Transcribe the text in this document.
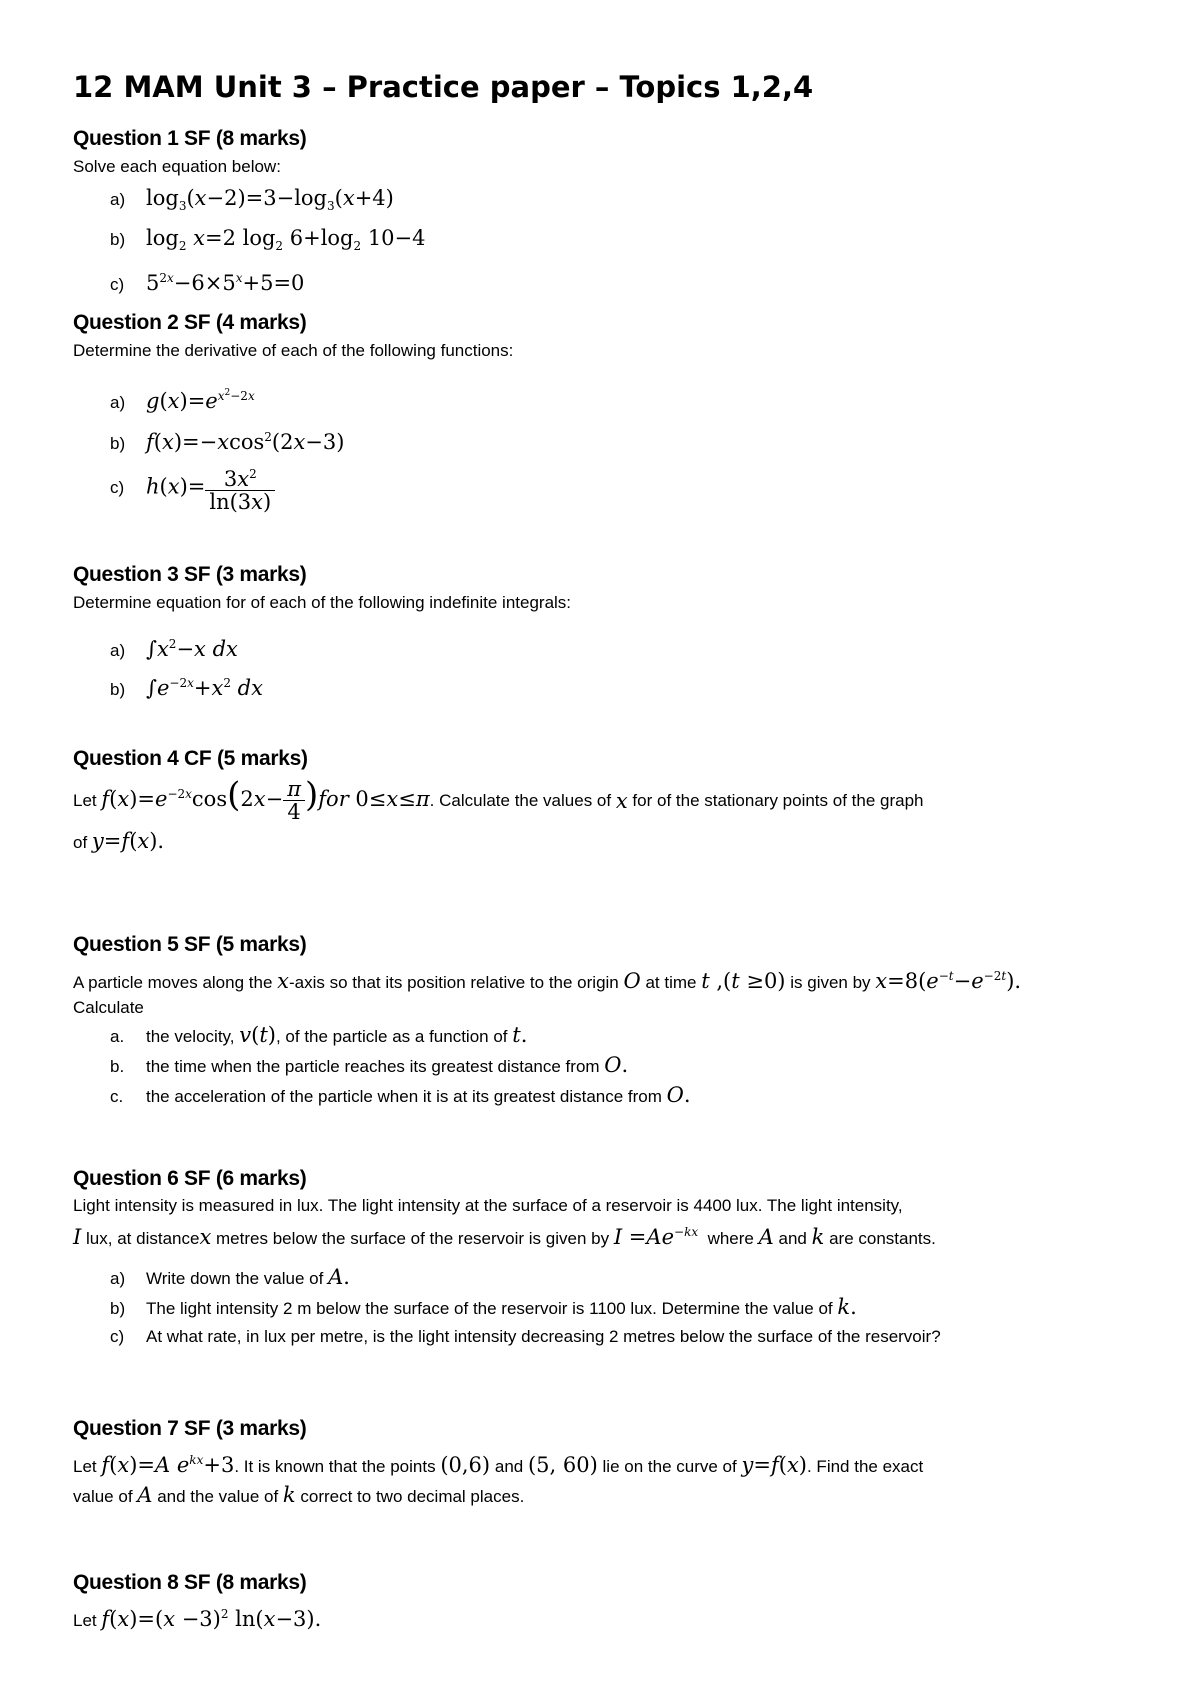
12 MAM Unit 3 – Practice paper – Topics 1,2,4
Question 1 SF (8 marks)
Solve each equation below:
a) $\log_3(x-2)=3-\log_3(x+4)$
b) $\log_2 x=2$ $\log_2 6+\log_2$ 10−4
c)	$5^{2x}-6\times 5^x+5=0$
Question 2 SF (4 marks)
Determine the derivative of each of the following functions:
a) $g(x)=e^{x^2-2x}$
b) f(x)=−xcos$^2$(2x−3)
c)	$h(x)= \frac{3x^2}{\ln(3x)}$
Question 3 SF (3 marks)
Determine equation for of each of the following indefinite integrals:
a) $\int x^2-x$ dx
b) $\int e^{-2x}+x^2$ dx
Question 4 CF (5 marks)
Let
$f(x)=e^{-2x}\cos(2x- \frac{\pi}{4} )for$ 0≤x≤π . Calculate the values of
x
for of the stationary points of the graph
of y=f(x).
Question 5 SF (5 marks)
A particle moves along the x-axis so that its position relative to the origin O at time t ,(t ≥0) is given by $x=8(e^{-t}-e^{-2t})$.
Calculate
a.	the velocity, v(t), of the particle as a function of t.
b.	the time when the particle reaches its greatest distance from O.
c.	the acceleration of the particle when it is at its greatest distance from O.
Question 6 SF (6 marks)
Light intensity is measured in lux. The light intensity at the surface of a reservoir is 4400 lux. The light intensity,
I lux, at distancex metres below the surface of the reservoir is given by $I =Ae^{-kx}$ where A and k are constants.
a)	Write down the value of A.
b)	The light intensity 2 m below the surface of the reservoir is 1100 lux. Determine the value of k.
c)	At what rate, in lux per metre, is the light intensity decreasing 2 metres below the surface of the reservoir?
Question 7 SF (3 marks)
Let f(x)=A $e^{kx}+3$. It is known that the points (0,6) and (5, 60) lie on the curve of y=f(x). Find the exact
value of A and the value of k correct to two decimal places.
Question 8 SF (8 marks)
Let $f(x)=(x -3)^2$ ln(x−3).
